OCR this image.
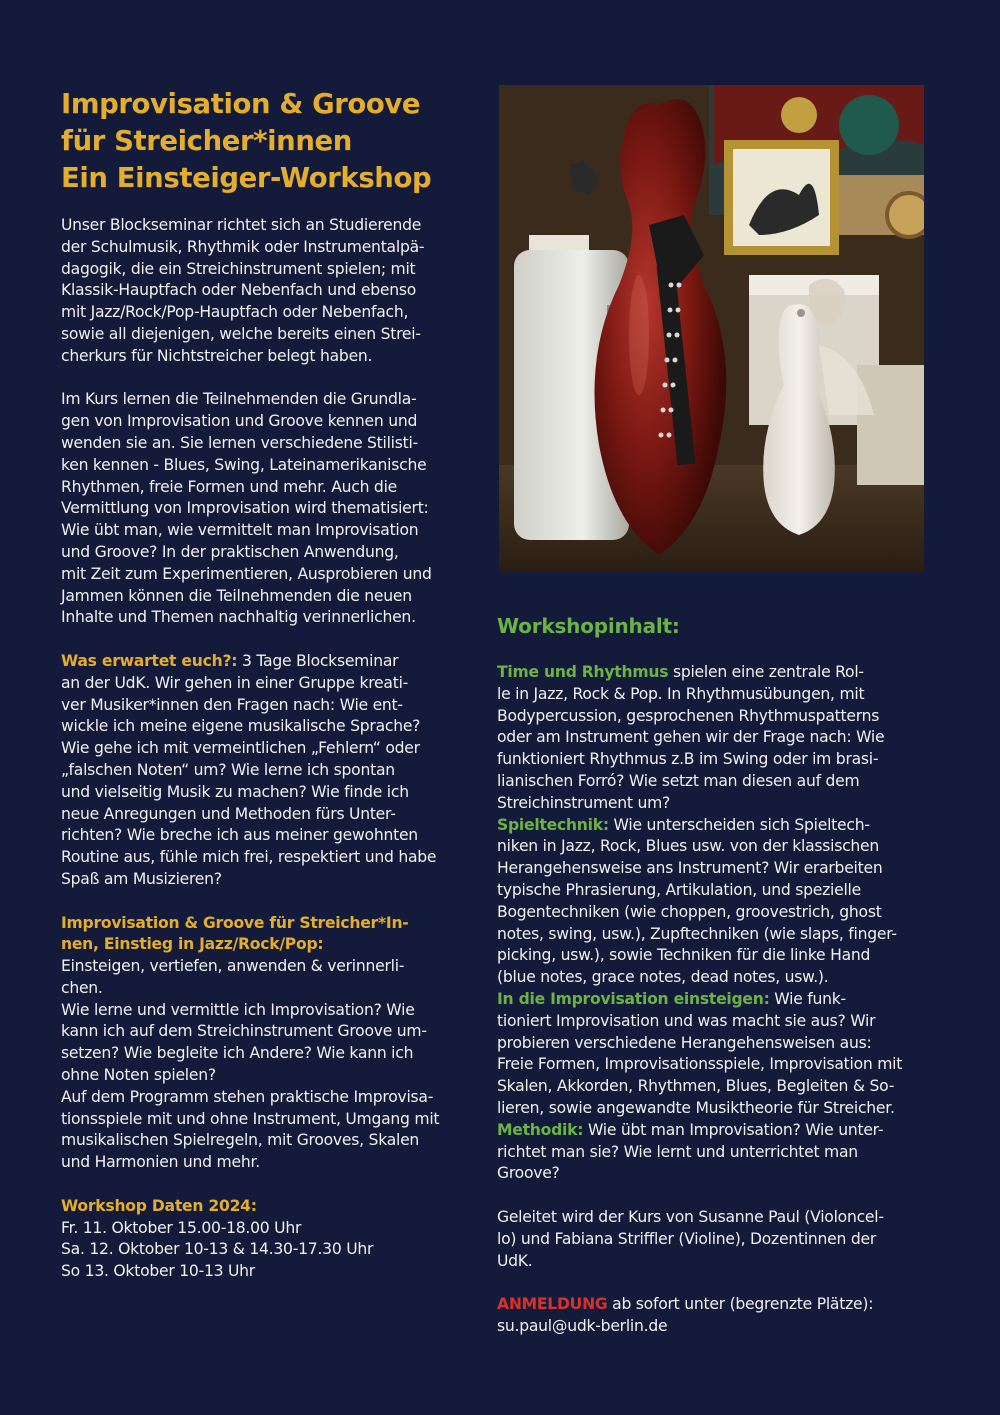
Improvisation & Groove
für Streicher*innen
Ein Einsteiger-Workshop
Unser Blockseminar richtet sich an Studierende
der Schulmusik, Rhythmik oder Instrumentalpä-
dagogik, die ein Streichinstrument spielen; mit
Klassik-Hauptfach oder Nebenfach und ebenso
mit Jazz/Rock/Pop-Hauptfach oder Nebenfach,
sowie all diejenigen, welche bereits einen Strei-
cherkurs für Nichtstreicher belegt haben.
Im Kurs lernen die Teilnehmenden die Grundla-
gen von Improvisation und Groove kennen und
wenden sie an. Sie lernen verschiedene Stilisti-
ken kennen - Blues, Swing, Lateinamerikanische
Rhythmen, freie Formen und mehr. Auch die
Vermittlung von Improvisation wird thematisiert:
Wie übt man, wie vermittelt man Improvisation
und Groove? In der praktischen Anwendung,
mit Zeit zum Experimentieren, Ausprobieren und
Jammen können die Teilnehmenden die neuen
Inhalte und Themen nachhaltig verinnerlichen.
Was erwartet euch?: 3 Tage Blockseminar
an der UdK. Wir gehen in einer Gruppe kreati-
ver Musiker*innen den Fragen nach: Wie ent-
wickle ich meine eigene musikalische Sprache?
Wie gehe ich mit vermeintlichen „Fehlern“ oder
„falschen Noten“ um? Wie lerne ich spontan
und vielseitig Musik zu machen? Wie finde ich
neue Anregungen und Methoden fürs Unter-
richten? Wie breche ich aus meiner gewohnten
Routine aus, fühle mich frei, respektiert und habe
Spaß am Musizieren?
Improvisation & Groove für Streicher*In-
nen, Einstieg in Jazz/Rock/Pop:
Einsteigen, vertiefen, anwenden & verinnerli-
chen.
Wie lerne und vermittle ich Improvisation? Wie
kann ich auf dem Streichinstrument Groove um-
setzen? Wie begleite ich Andere? Wie kann ich
ohne Noten spielen?
Auf dem Programm stehen praktische Improvisa-
tionsspiele mit und ohne Instrument, Umgang mit
musikalischen Spielregeln, mit Grooves, Skalen
und Harmonien und mehr.
Workshop Daten 2024:
Fr. 11. Oktober 15.00-18.00 Uhr
Sa. 12. Oktober 10-13 & 14.30-17.30 Uhr
So 13. Oktober 10-13 Uhr
Workshopinhalt:
Time und Rhythmus spielen eine zentrale Rol-
le in Jazz, Rock & Pop. In Rhythmusübungen, mit
Bodypercussion, gesprochenen Rhythmuspatterns
oder am Instrument gehen wir der Frage nach: Wie
funktioniert Rhythmus z.B im Swing oder im brasi-
lianischen Forró? Wie setzt man diesen auf dem
Streichinstrument um?
Spieltechnik: Wie unterscheiden sich Spieltech-
niken in Jazz, Rock, Blues usw. von der klassischen
Herangehensweise ans Instrument? Wir erarbeiten
typische Phrasierung, Artikulation, und spezielle
Bogentechniken (wie choppen, groovestrich, ghost
notes, swing, usw.), Zupftechniken (wie slaps, finger-
picking, usw.), sowie Techniken für die linke Hand
(blue notes, grace notes, dead notes, usw.).
In die Improvisation einsteigen: Wie funk-
tioniert Improvisation und was macht sie aus? Wir
probieren verschiedene Herangehensweisen aus:
Freie Formen, Improvisationsspiele, Improvisation mit
Skalen, Akkorden, Rhythmen, Blues, Begleiten & So-
lieren, sowie angewandte Musiktheorie für Streicher.
Methodik: Wie übt man Improvisation? Wie unter-
richtet man sie? Wie lernt und unterrichtet man
Groove?
Geleitet wird der Kurs von Susanne Paul (Violoncel-
lo) und Fabiana Striffler (Violine), Dozentinnen der
UdK.
ANMELDUNG ab sofort unter (begrenzte Plätze):
su.paul@udk-berlin.de
